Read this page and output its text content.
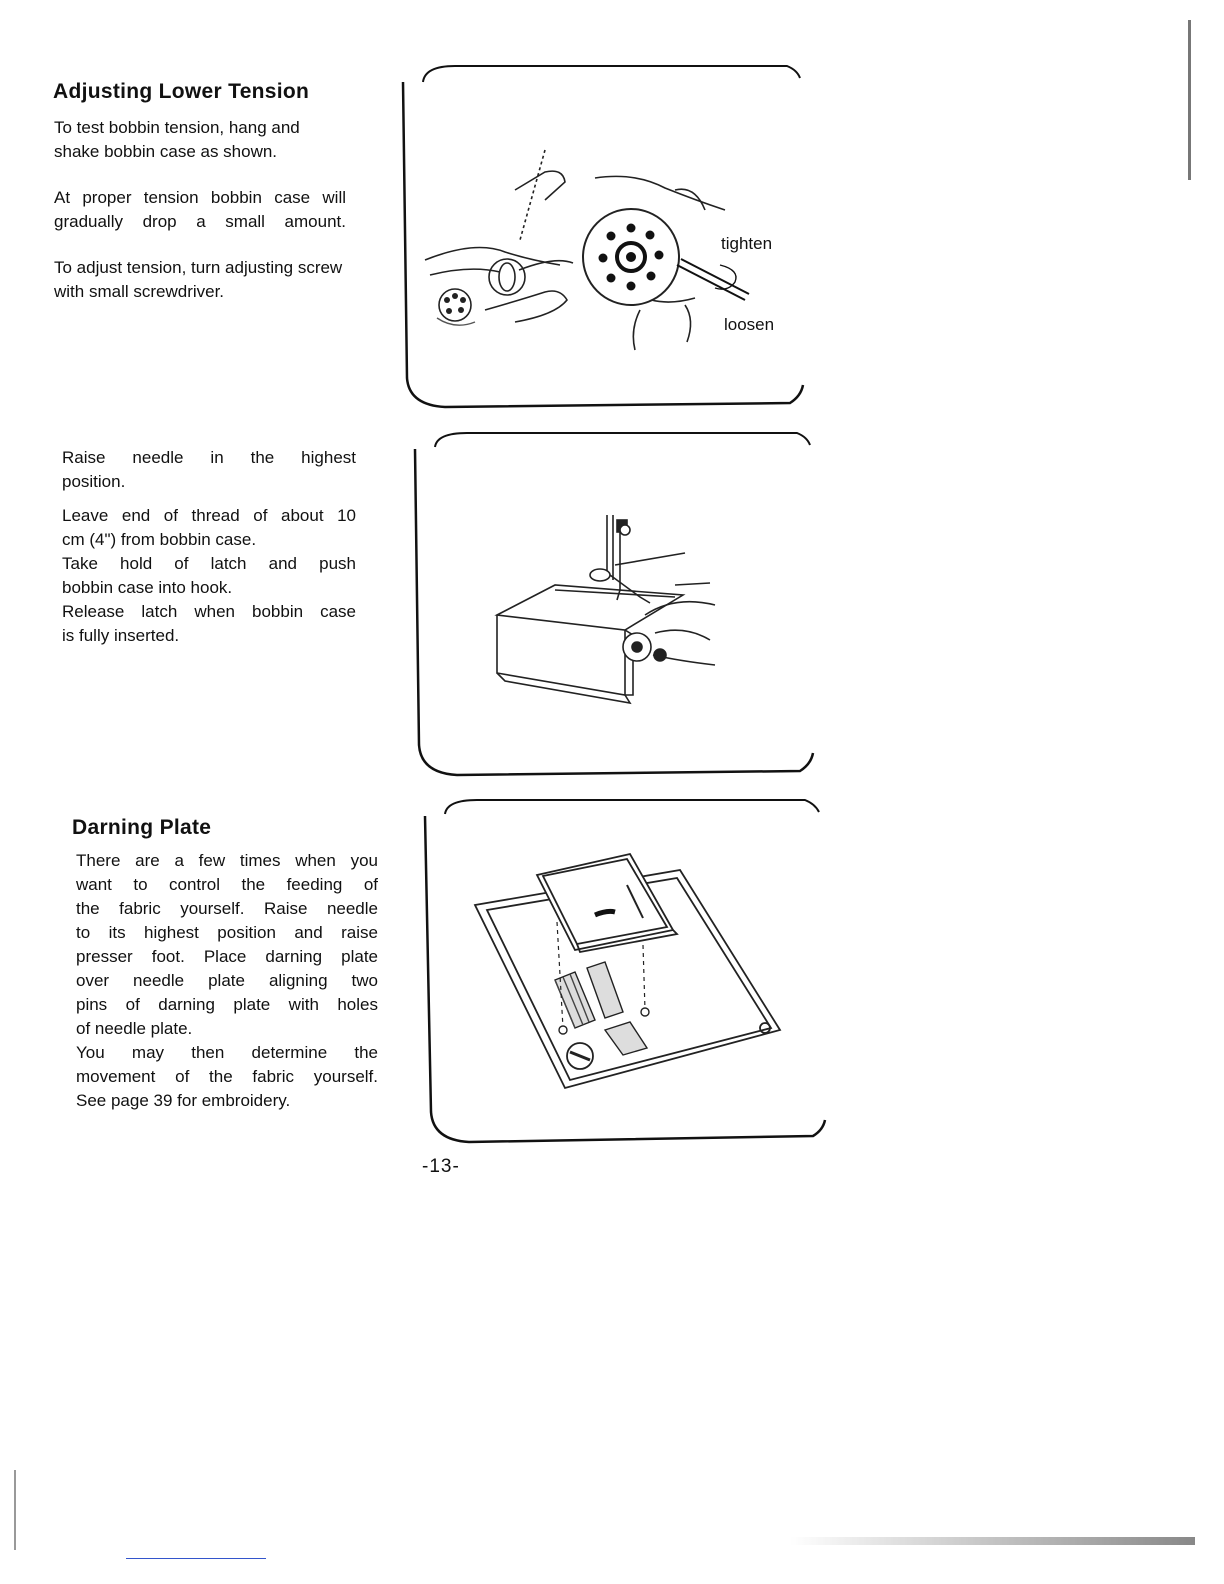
Adjusting Lower Tension

To test bobbin tension, hang and shake bobbin case as shown.

At proper tension bobbin case will gradually drop a small amount.

To adjust tension, turn adjusting screw with small screwdriver.

tighten
loosen

Raise needle in the highest

position.

Leave end of thread of about 10

cm (4") from bobbin case.

Take hold of latch and push

bobbin case into hook.

Release latch when bobbin case

is fully inserted.

Darning Plate

There are a few times when you

want to control the feeding of

the fabric yourself. Raise needle

to its highest position and raise

presser foot. Place darning plate

over needle plate aligning two

pins of darning plate with holes

of needle plate.

You may then determine the

movement of the fabric yourself.

See page 39 for embroidery.

-13-
